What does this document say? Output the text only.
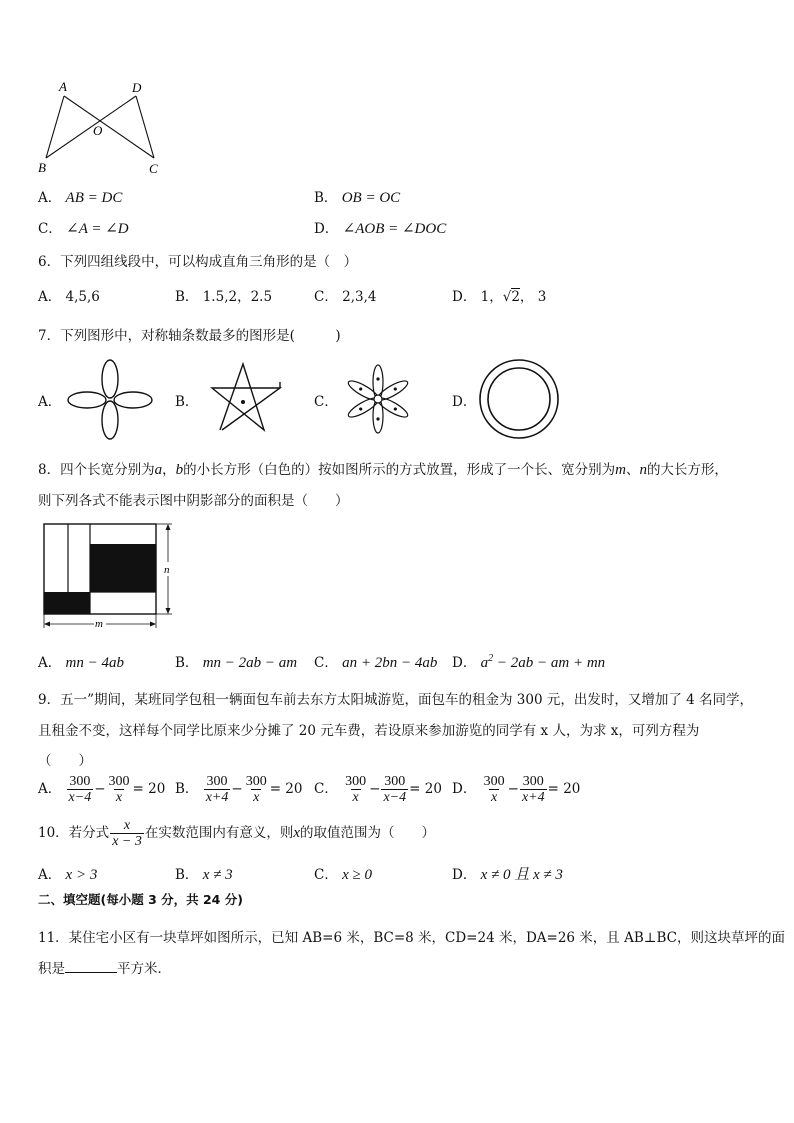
A	D
O
B	C
A． AB = DC	B． OB = OC
C． ∠A = ∠D	D． ∠AOB = ∠DOC
6．下列四组线段中，可以构成直角三角形的是（　）
A． 4,5,6	B． 1.5,2，2.5	C． 2,3,4	D． 1，√2， 3
7．下列图形中，对称轴条数最多的图形是(　　　)
A．	B．	C．	D．
8．四个长宽分别为a，b的小长方形（白色的）按如图所示的方式放置，形成了一个长、宽分别为m、n的大长方形，
则下列各式不能表示图中阴影部分的面积是（　　）
n
m
A． mn − 4ab	B． mn − 2ab − am C． an + 2bn − 4ab D． $a^2 - 2ab$ − am + mn
9．五一”期间，某班同学包租一辆面包车前去东方太阳城游览，面包车的租金为 300 元，出发时，又增加了 4 名同学，
且租金不变，这样每个同学比原来少分摊了 20 元车费，若设原来参加游览的同学有 x 人，为求 x，可列方程为
（　　）
A． $\frac{300}{x-4} - \frac{300}{x} = 20$ B． $\frac{300}{x+4} - \frac{300}{x} = 20$ C． $\frac{300}{x} - \frac{300}{x-4} = 20$ D． $\frac{300}{x} - \frac{300}{x+4} = 20$
10．若分式 $\frac{x}{x - 3}$ 在实数范围内有意义，则x的取值范围为（　　）
A． x > 3	B． x ≠ 3	C． x ≥ 0	D． x ≠ 0 且 x ≠ 3
二、填空题(每小题 3 分，共 24 分)
11．某住宅小区有一块草坪如图所示，已知 AB=6 米，BC=8 米，CD=24 米，DA=26 米，且 AB⊥BC，则这块草坪的面
积是	平方米．
